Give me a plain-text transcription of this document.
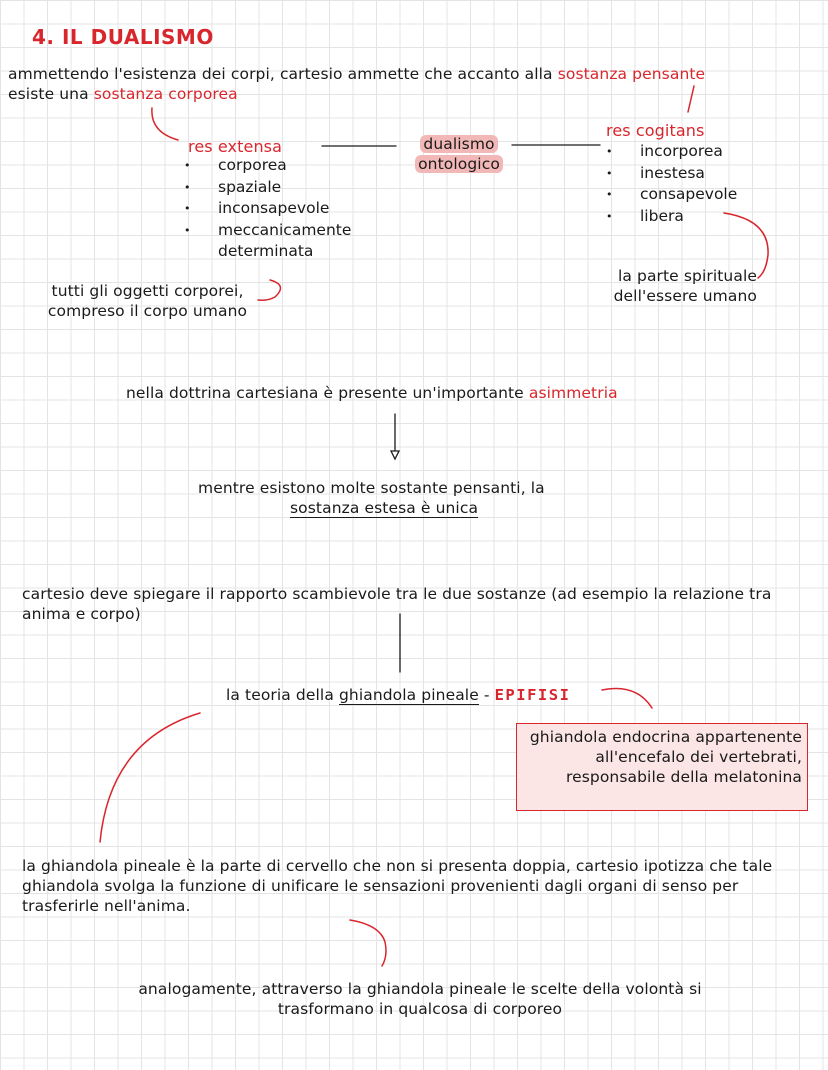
4. IL DUALISMO
ammettendo l'esistenza dei corpi, cartesio ammette che accanto alla sostanza pensante
esiste una sostanza corporea
res extensa
• corporea
• spaziale
• inconsapevole
• meccanicamente determinata
tutti gli oggetti corporei, compreso il corpo umano
dualismo
ontologico
res cogitans
• incorporea
• inestesa
• consapevole
• libera
la parte spirituale dell'essere umano
nella dottrina cartesiana è presente un'importante asimmetria
mentre esistono molte sostante pensanti, la
sostanza estesa è unica
cartesio deve spiegare il rapporto scambievole tra le due sostanze (ad esempio la relazione tra anima e corpo)
la teoria della ghiandola pineale - EPIFISI
ghiandola endocrina appartenente all'encefalo dei vertebrati, responsabile della melatonina
la ghiandola pineale è la parte di cervello che non si presenta doppia, cartesio ipotizza che tale ghiandola svolga la funzione di unificare le sensazioni provenienti dagli organi di senso per trasferirle nell'anima.
analogamente, attraverso la ghiandola pineale le scelte della volontà si trasformano in qualcosa di corporeo
